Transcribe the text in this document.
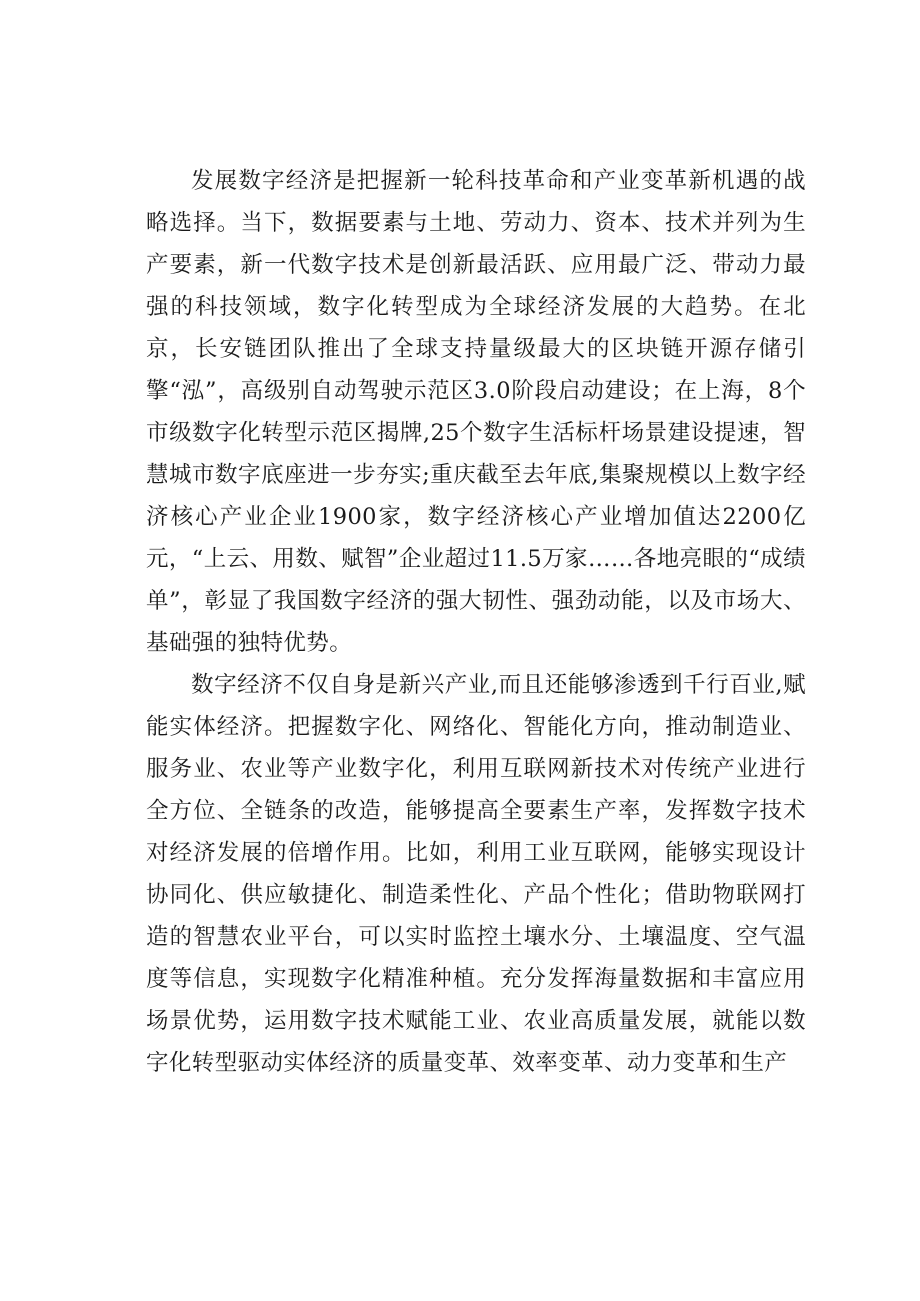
发展数字经济是把握新一轮科技革命和产业变革新机遇的战略选择。当下，数据要素与土地、劳动力、资本、技术并列为生产要素，新一代数字技术是创新最活跃、应用最广泛、带动力最强的科技领域，数字化转型成为全球经济发展的大趋势。在北京，长安链团队推出了全球支持量级最大的区块链开源存储引擎“泓”，高级别自动驾驶示范区3.0阶段启动建设；在上海，8个市级数字化转型示范区揭牌,25个数字生活标杆场景建设提速，智慧城市数字底座进一步夯实;重庆截至去年底,集聚规模以上数字经济核心产业企业1900家，数字经济核心产业增加值达2200亿元，“上云、用数、赋智”企业超过11.5万家……各地亮眼的“成绩单”，彰显了我国数字经济的强大韧性、强劲动能，以及市场大、基础强的独特优势。

数字经济不仅自身是新兴产业,而且还能够渗透到千行百业,赋能实体经济。把握数字化、网络化、智能化方向，推动制造业、服务业、农业等产业数字化，利用互联网新技术对传统产业进行全方位、全链条的改造，能够提高全要素生产率，发挥数字技术对经济发展的倍增作用。比如，利用工业互联网，能够实现设计协同化、供应敏捷化、制造柔性化、产品个性化；借助物联网打造的智慧农业平台，可以实时监控土壤水分、土壤温度、空气温度等信息，实现数字化精准种植。充分发挥海量数据和丰富应用场景优势，运用数字技术赋能工业、农业高质量发展，就能以数字化转型驱动实体经济的质量变革、效率变革、动力变革和生产
